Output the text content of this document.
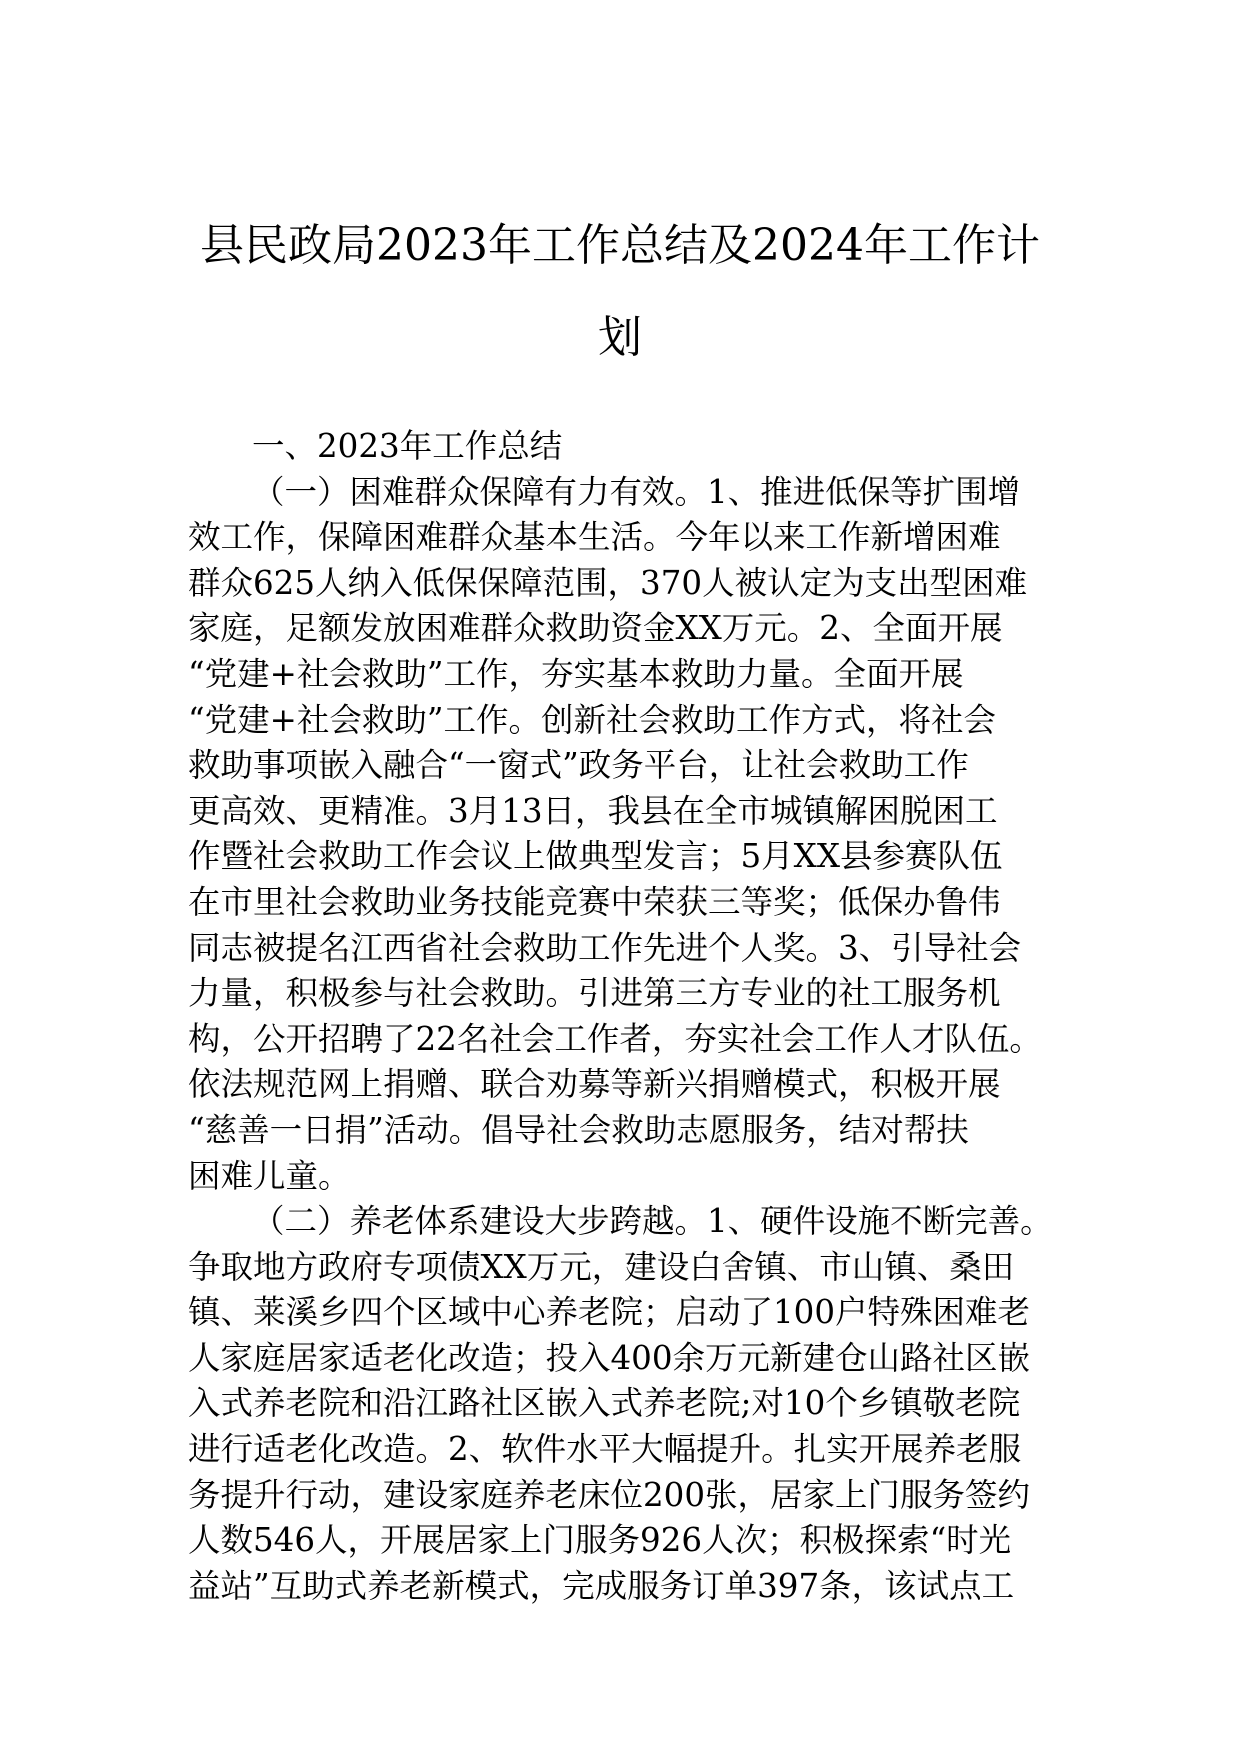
县民政局2023年工作总结及2024年工作计
划
一、2023年工作总结
（一）困难群众保障有力有效。1、推进低保等扩围增
效工作，保障困难群众基本生活。今年以来工作新增困难
群众625人纳入低保保障范围，370人被认定为支出型困难
家庭，足额发放困难群众救助资金XX万元。2、全面开展
“党建+社会救助”工作，夯实基本救助力量。全面开展
“党建+社会救助”工作。创新社会救助工作方式，将社会
救助事项嵌入融合“一窗式”政务平台，让社会救助工作
更高效、更精准。3月13日，我县在全市城镇解困脱困工
作暨社会救助工作会议上做典型发言；5月XX县参赛队伍
在市里社会救助业务技能竞赛中荣获三等奖；低保办鲁伟
同志被提名江西省社会救助工作先进个人奖。3、引导社会
力量，积极参与社会救助。引进第三方专业的社工服务机
构，公开招聘了22名社会工作者，夯实社会工作人才队伍。
依法规范网上捐赠、联合劝募等新兴捐赠模式，积极开展
“慈善一日捐”活动。倡导社会救助志愿服务，结对帮扶
困难儿童。
（二）养老体系建设大步跨越。1、硬件设施不断完善。
争取地方政府专项债XX万元，建设白舍镇、市山镇、桑田
镇、莱溪乡四个区域中心养老院；启动了100户特殊困难老
人家庭居家适老化改造；投入400余万元新建仓山路社区嵌
入式养老院和沿江路社区嵌入式养老院;对10个乡镇敬老院
进行适老化改造。2、软件水平大幅提升。扎实开展养老服
务提升行动，建设家庭养老床位200张，居家上门服务签约
人数546人，开展居家上门服务926人次；积极探索“时光
益站”互助式养老新模式，完成服务订单397条，该试点工
